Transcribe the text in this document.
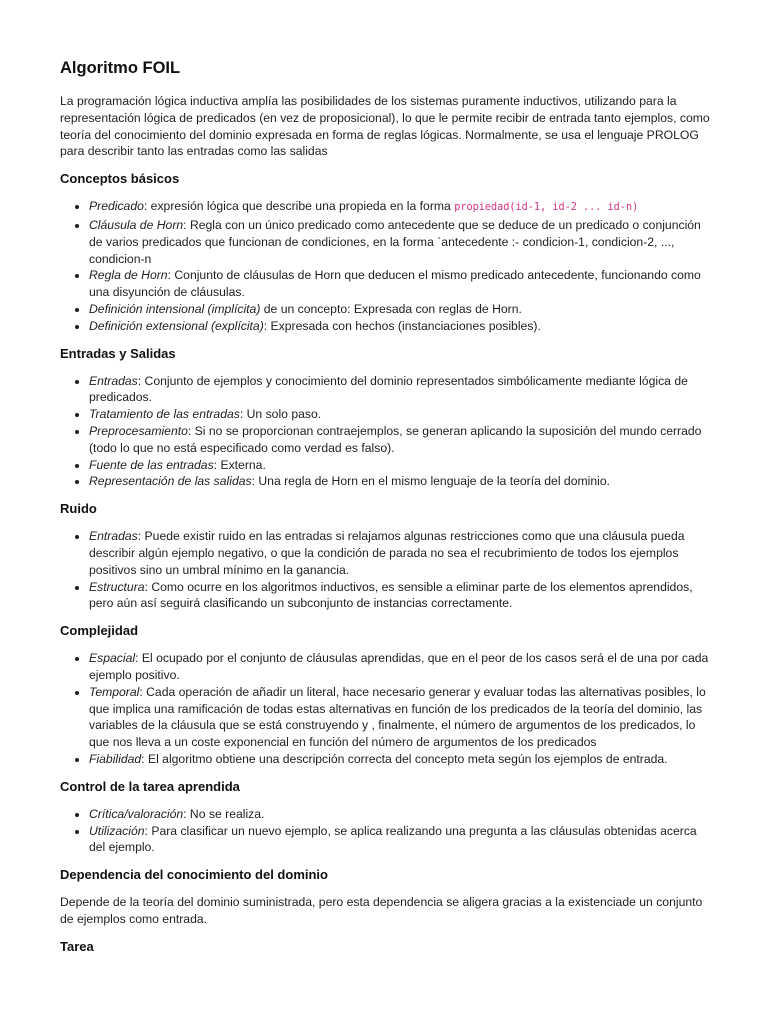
Algoritmo FOIL

La programación lógica inductiva amplía las posibilidades de los sistemas puramente inductivos, utilizando para la representación lógica de predicados (en vez de proposicional), lo que le permite recibir de entrada tanto ejemplos, como teoría del conocimiento del dominio expresada en forma de reglas lógicas. Normalmente, se usa el lenguaje PROLOG para describir tanto las entradas como las salidas

Conceptos básicos
• Predicado: expresión lógica que describe una propieda en la forma propiedad(id-1, id-2 ... id-n)
• Cláusula de Horn: Regla con un único predicado como antecedente que se deduce de un predicado o conjunción de varios predicados que funcionan de condiciones, en la forma `antecedente :- condicion-1, condicion-2, ..., condicion-n
• Regla de Horn: Conjunto de cláusulas de Horn que deducen el mismo predicado antecedente, funcionando como una disyunción de cláusulas.
• Definición intensional (implícita) de un concepto: Expresada con reglas de Horn.
• Definición extensional (explícita): Expresada con hechos (instanciaciones posibles).
Entradas y Salidas
• Entradas: Conjunto de ejemplos y conocimiento del dominio representados simbólicamente mediante lógica de predicados.
• Tratamiento de las entradas: Un solo paso.
• Preprocesamiento: Si no se proporcionan contraejemplos, se generan aplicando la suposición del mundo cerrado (todo lo que no está especificado como verdad es falso).
• Fuente de las entradas: Externa.
• Representación de las salidas: Una regla de Horn en el mismo lenguaje de la teoría del dominio.
Ruido
• Entradas: Puede existir ruido en las entradas si relajamos algunas restricciones como que una cláusula pueda describir algún ejemplo negativo, o que la condición de parada no sea el recubrimiento de todos los ejemplos positivos sino un umbral mínimo en la ganancia.
• Estructura: Como ocurre en los algoritmos inductivos, es sensible a eliminar parte de los elementos aprendidos, pero aún así seguirá clasificando un subconjunto de instancias correctamente.
Complejidad
• Espacial: El ocupado por el conjunto de cláusulas aprendidas, que en el peor de los casos será el de una por cada ejemplo positivo.
• Temporal: Cada operación de añadir un literal, hace necesario generar y evaluar todas las alternativas posibles, lo que implica una ramificación de todas estas alternativas en función de los predicados de la teoría del dominio, las variables de la cláusula que se está construyendo y , finalmente, el número de argumentos de los predicados, lo que nos lleva a un coste exponencial en función del número de argumentos de los predicados
• Fiabilidad: El algoritmo obtiene una descripción correcta del concepto meta según los ejemplos de entrada.
Control de la tarea aprendida
• Crítica/valoración: No se realiza.
• Utilización: Para clasificar un nuevo ejemplo, se aplica realizando una pregunta a las cláusulas obtenidas acerca del ejemplo.
Dependencia del conocimiento del dominio

Depende de la teoría del dominio suministrada, pero esta dependencia se aligera gracias a la existenciade un conjunto de ejemplos como entrada.

Tarea
